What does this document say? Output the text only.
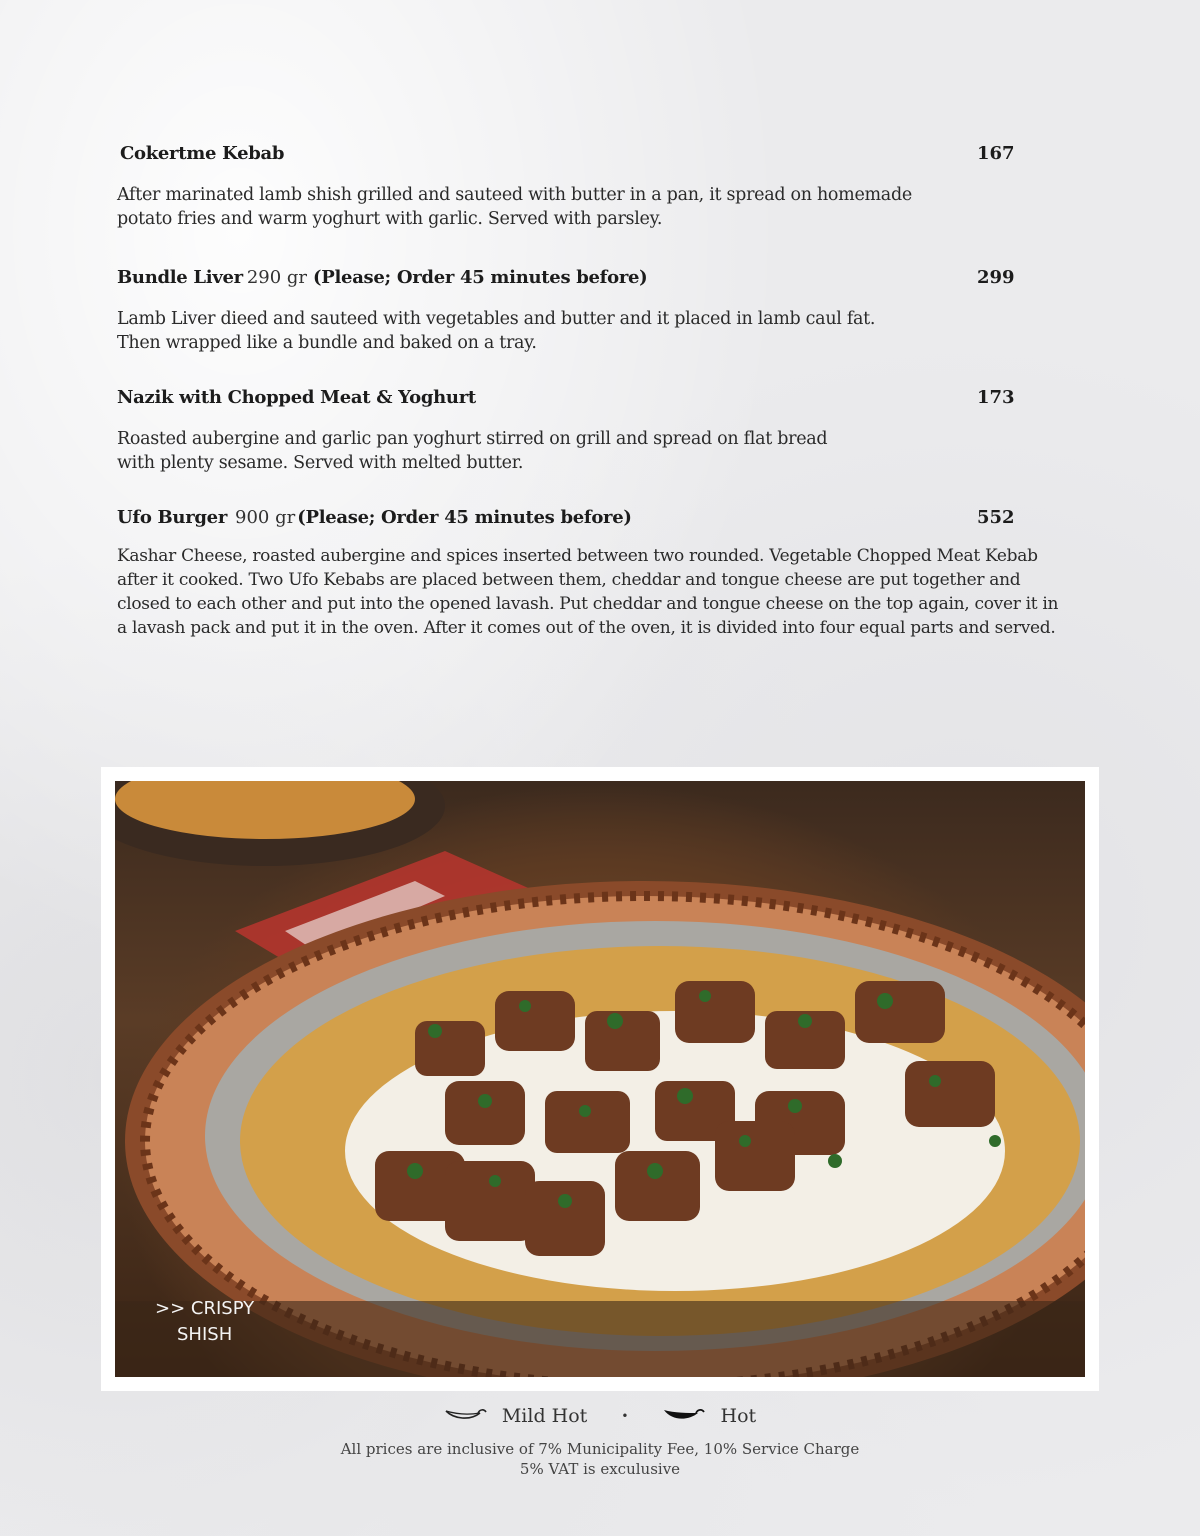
Cokertme Kebab	167
After marinated lamb shish grilled and sauteed with butter in a pan, it spread on homemade
potato fries and warm yoghurt with garlic. Served with parsley.
Bundle Liver 290 gr (Please; Order 45 minutes before)	299
Lamb Liver dieed and sauteed with vegetables and butter and it placed in lamb caul fat.
Then wrapped like a bundle and baked on a tray.
Nazik with Chopped Meat & Yoghurt	173
Roasted aubergine and garlic pan yoghurt stirred on grill and spread on flat bread
with plenty sesame. Served with melted butter.
Ufo Burger 900 gr (Please; Order 45 minutes before)	552
Kashar Cheese, roasted aubergine and spices inserted between two rounded. Vegetable Chopped Meat Kebab
after it cooked. Two Ufo Kebabs are placed between them, cheddar and tongue cheese are put together and
closed to each other and put into the opened lavash. Put cheddar and tongue cheese on the top again, cover it in
a lavash pack and put it in the oven. After it comes out of the oven, it is divided into four equal parts and served.
>> CRISPY
SHISH
Mild Hot	•	Hot
All prices are inclusive of 7% Municipality Fee, 10% Service Charge
5% VAT is exculusive
